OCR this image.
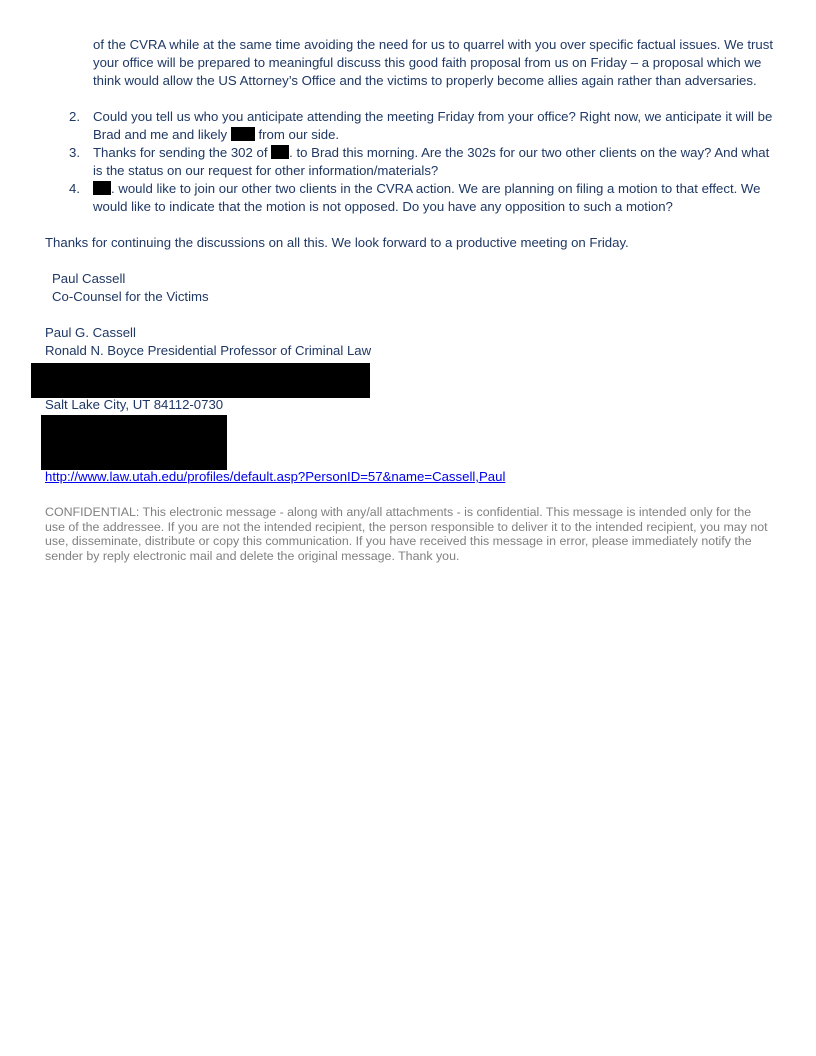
of the CVRA while at the same time avoiding the need for us to quarrel with you over specific factual issues. We trust your office will be prepared to meaningful discuss this good faith proposal from us on Friday – a proposal which we think would allow the US Attorney’s Office and the victims to properly become allies again rather than adversaries.
2. Could you tell us who you anticipate attending the meeting Friday from your office? Right now, we anticipate it will be Brad and me and likely  from our side.
3. Thanks for sending the 302 of . to Brad this morning. Are the 302s for our two other clients on the way? And what is the status on our request for other information/materials?
4.	. would like to join our other two clients in the CVRA action. We are planning on filing a motion to that effect. We would like to indicate that the motion is not opposed. Do you have any opposition to such a motion?
Thanks for continuing the discussions on all this. We look forward to a productive meeting on Friday.
Paul Cassell
Co-Counsel for the Victims
Paul G. Cassell
Ronald N. Boyce Presidential Professor of Criminal Law
Salt Lake City, UT 84112-0730
http://www.law.utah.edu/profiles/default.asp?PersonID=57&name=Cassell,Paul
CONFIDENTIAL: This electronic message - along with any/all attachments - is confidential. This message is intended only for the use of the addressee. If you are not the intended recipient, the person responsible to deliver it to the intended recipient, you may not use, disseminate, distribute or copy this communication. If you have received this message in error, please immediately notify the sender by reply electronic mail and delete the original message. Thank you.
